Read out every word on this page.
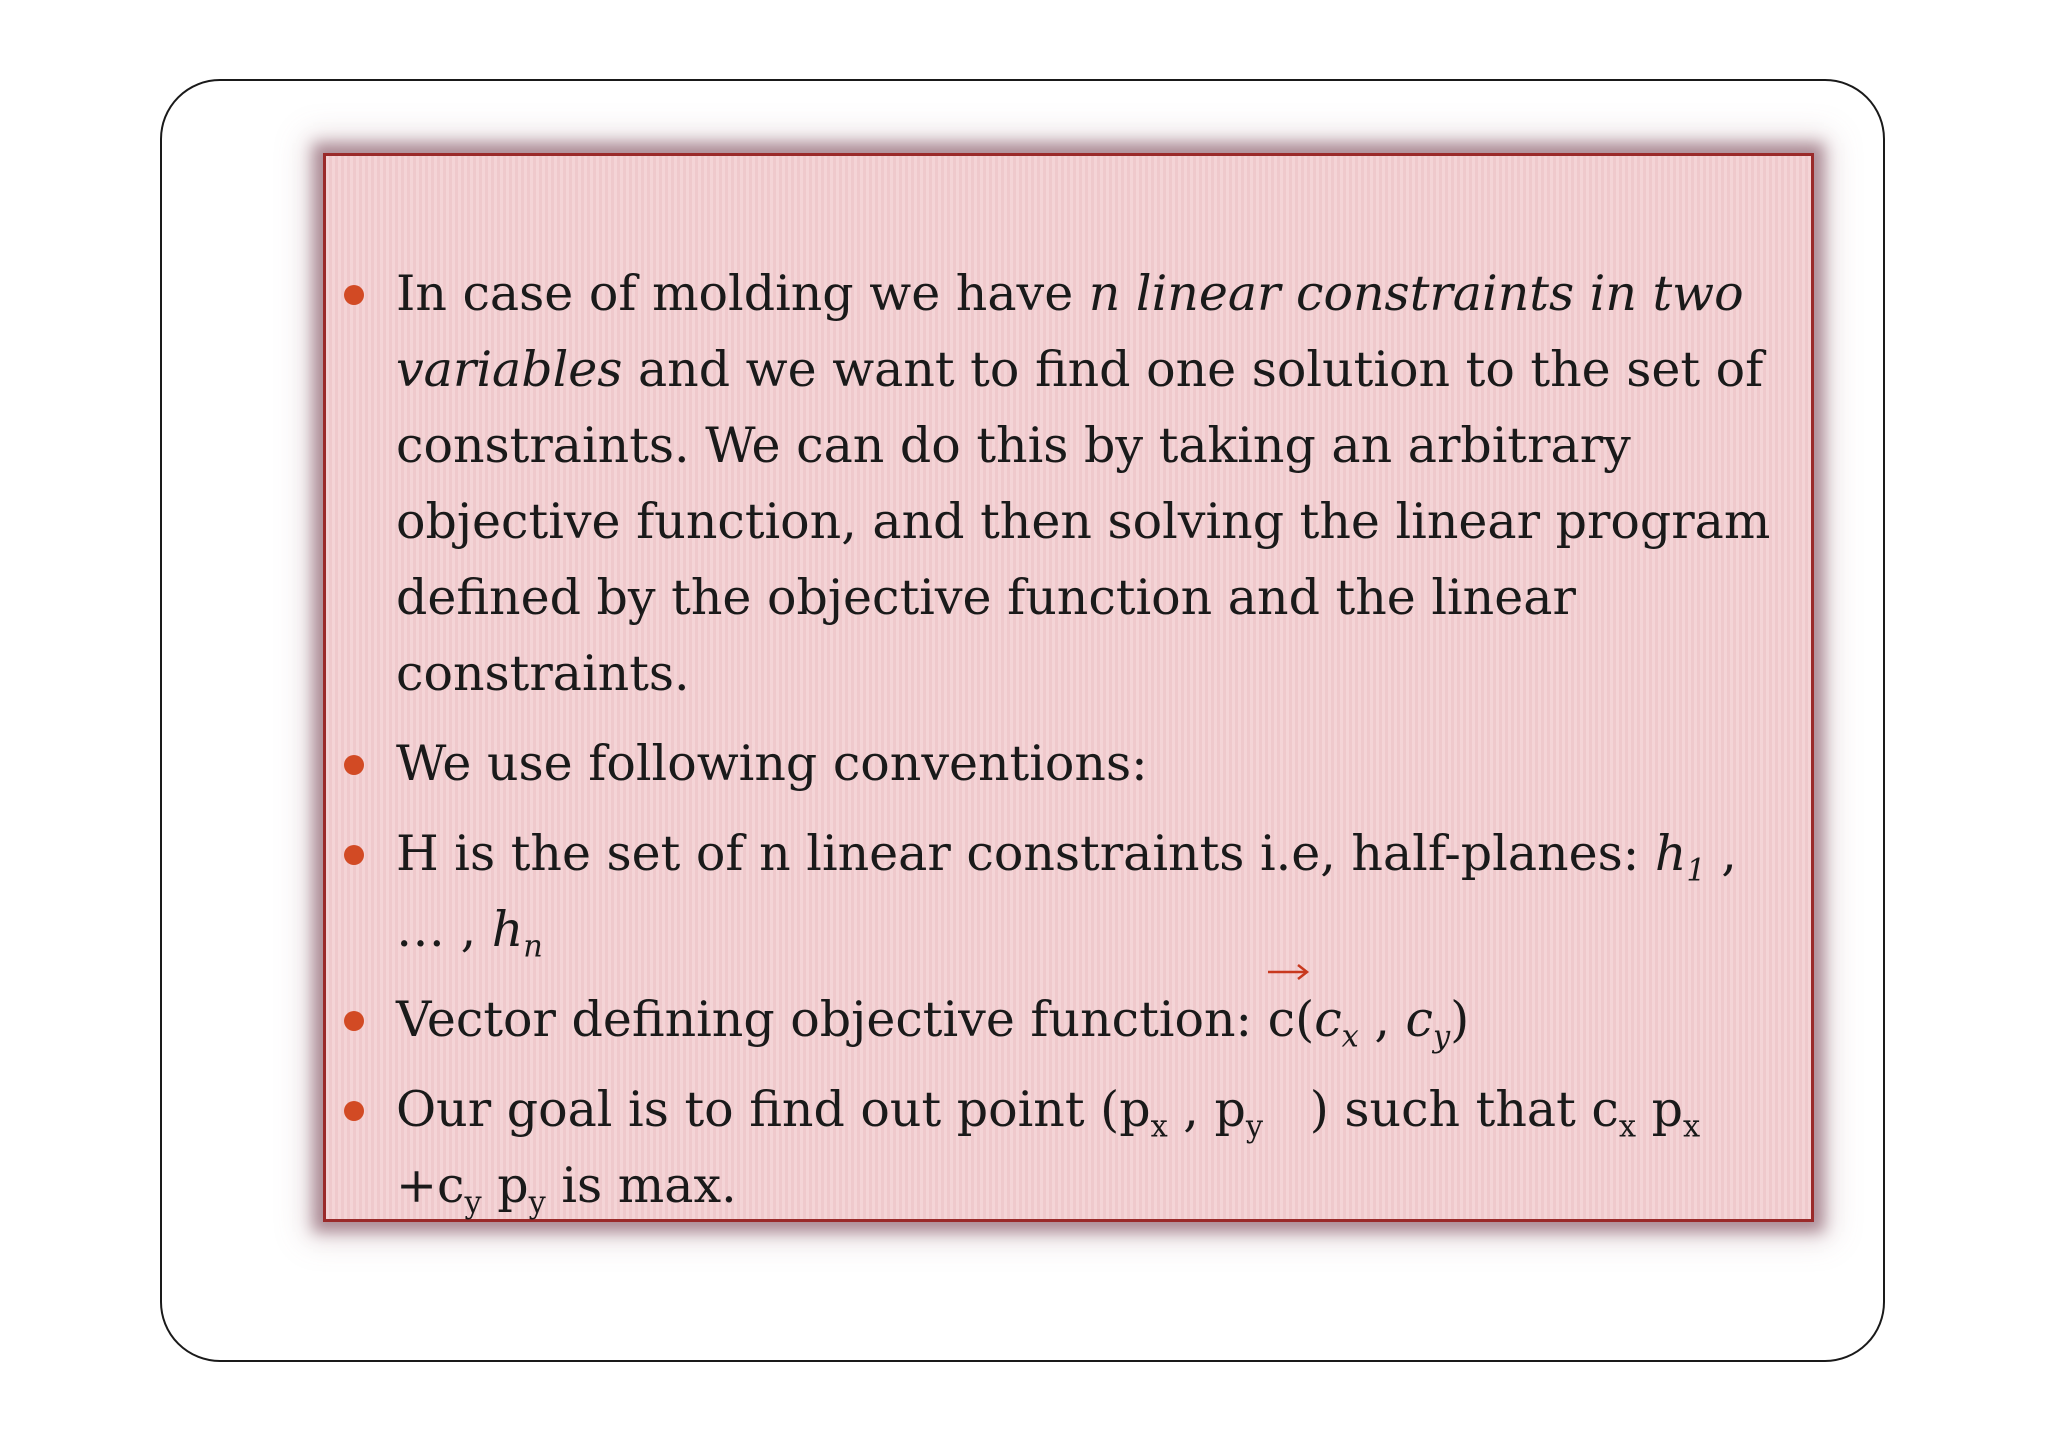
In case of molding we have n linear constraints in two variables and we want to find one solution to the set of constraints. We can do this by taking an arbitrary objective function, and then solving the linear program defined by the objective function and the linear constraints.
We use following conventions:
H is the set of n linear constraints i.e, half-planes: $h_1$ , … , $h_n$
Vector defining objective function:
$c(c_x$ , $c_y$)
Our goal is to find out point ($p_x$ , $p_y$   ) such that $c_x$ $p_x +c_y$ $p_y$ is max.
